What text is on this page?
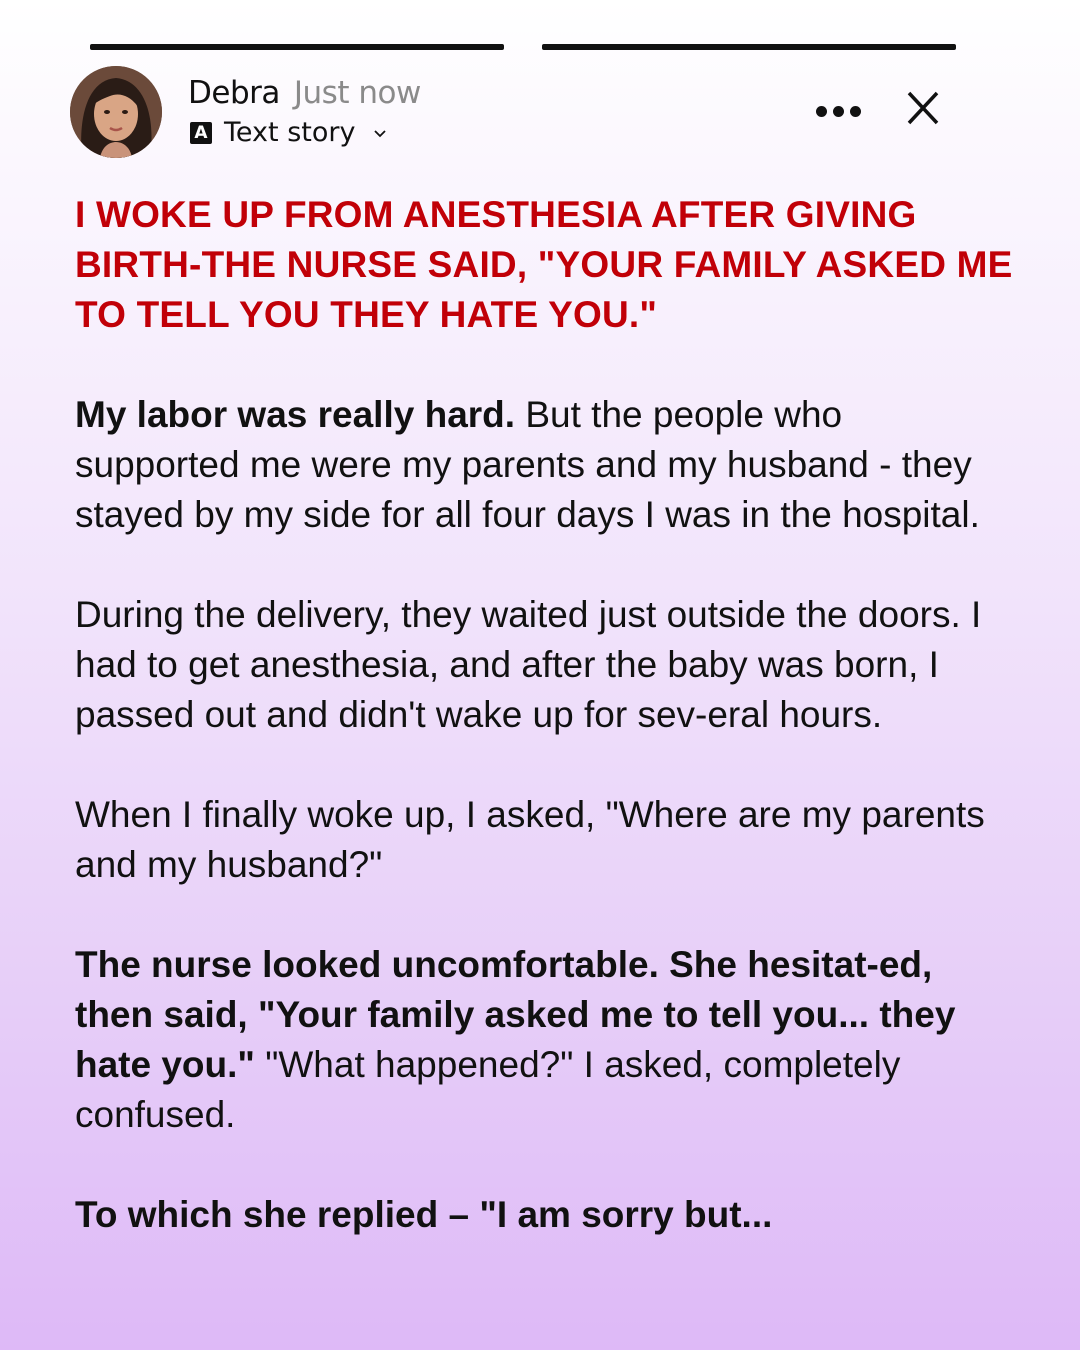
Debra Just now
A Text story
I WOKE UP FROM ANESTHESIA AFTER GIVING BIRTH-THE NURSE SAID, "YOUR FAMILY ASKED ME TO TELL YOU THEY HATE YOU."

My labor was really hard. But the people who supported me were my parents and my husband - they stayed by my side for all four days I was in the hospital.

During the delivery, they waited just outside the doors. I had to get anesthesia, and after the baby was born, I passed out and didn't wake up for sev-eral hours.

When I finally woke up, I asked, "Where are my parents and my husband?"

The nurse looked uncomfortable. She hesitat-ed, then said, "Your family asked me to tell you... they hate you." "What happened?" I asked, completely confused.

To which she replied – "I am sorry but...
